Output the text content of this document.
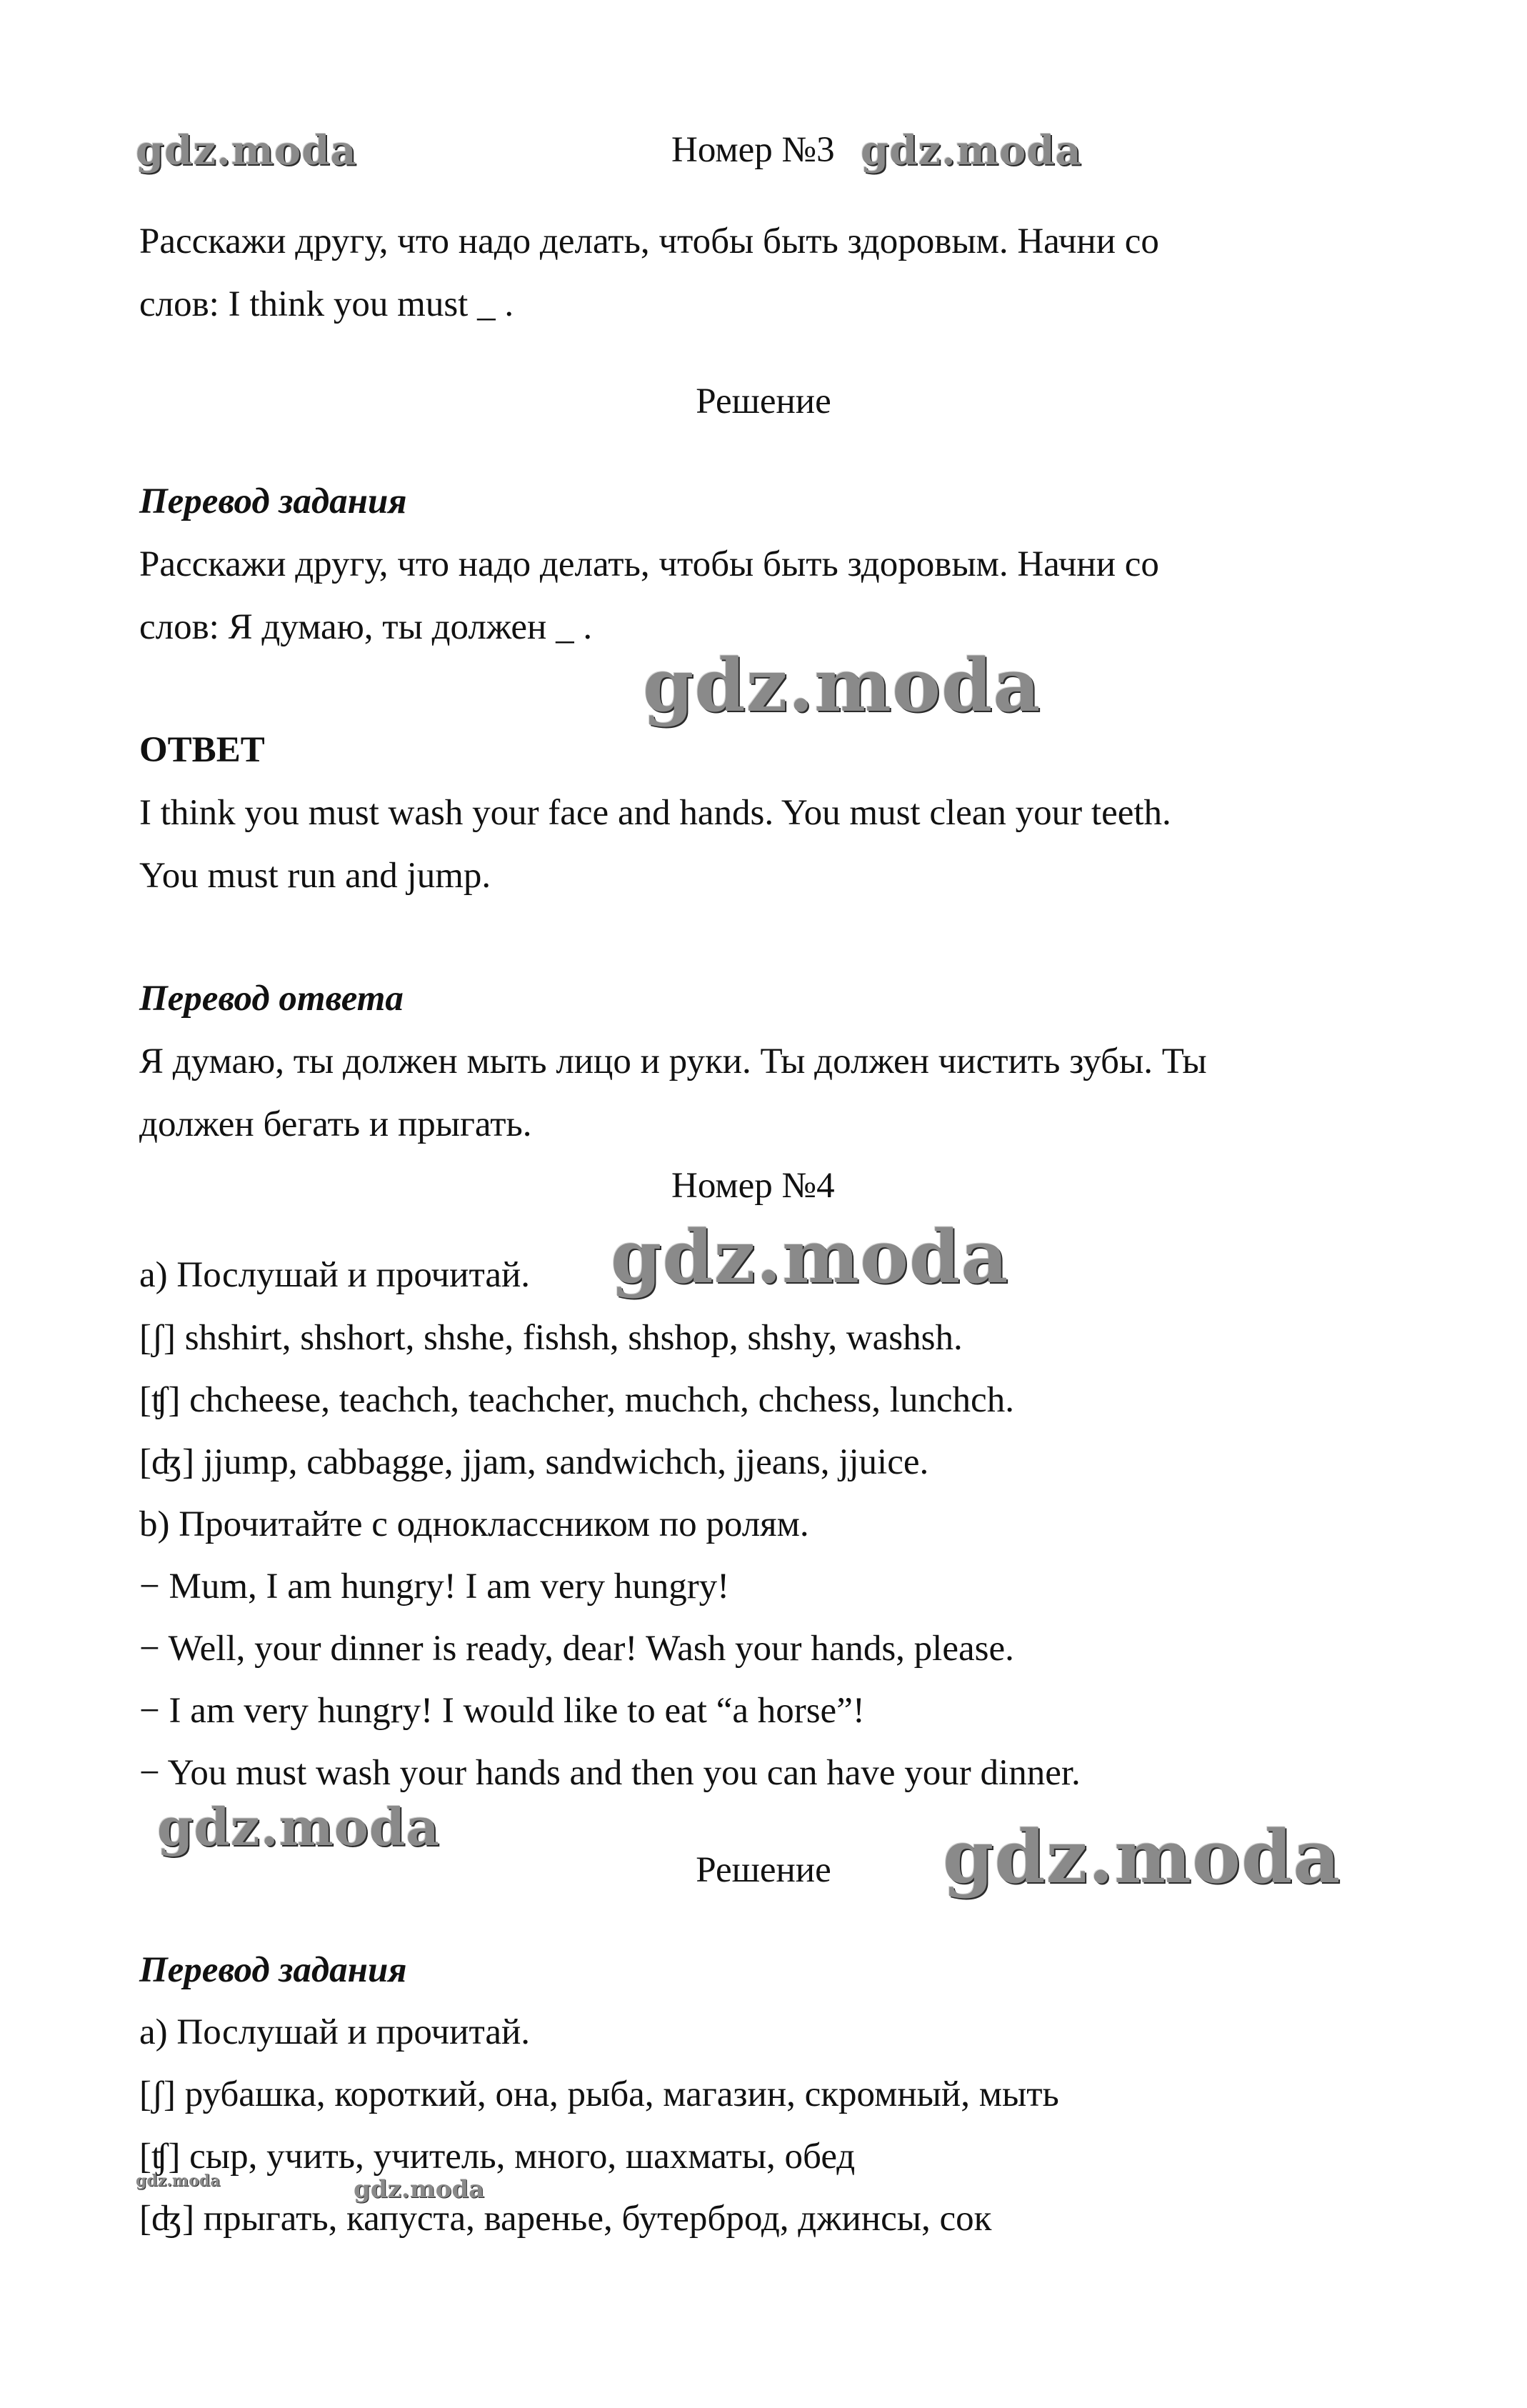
Номер №3
Расскажи другу, что надо делать, чтобы быть здоровым. Начни со
слов: I think you must _ .
Решение
Перевод задания
Расскажи другу, что надо делать, чтобы быть здоровым. Начни со
слов: Я думаю, ты должен _ .
ОТВЕТ
I think you must wash your face and hands. You must clean your teeth.
You must run and jump.
Перевод ответа
Я думаю, ты должен мыть лицо и руки. Ты должен чистить зубы. Ты
должен бегать и прыгать.
Номер №4
a) Послушай и прочитай.
[ʃ] shshirt, shshort, shshe, fishsh, shshop, shshy, washsh.
[ʧ] chcheese, teachch, teachcher, muchch, chchess, lunchch.
[ʤ] jjump, cabbagge, jjam, sandwichch, jjeans, jjuice.
b) Прочитайте с одноклассником по ролям.
− Mum, I am hungry! I am very hungry!
− Well, your dinner is ready, dear! Wash your hands, please.
− I am very hungry! I would like to eat “a horse”!
− You must wash your hands and then you can have your dinner.
Решение
Перевод задания
a) Послушай и прочитай.
[ʃ] рубашка, короткий, она, рыба, магазин, скромный, мыть
[ʧ] сыр, учить, учитель, много, шахматы, обед
[ʤ] прыгать, капуста, варенье, бутерброд, джинсы, сок
gdz.moda	gdz.moda
gdz.moda
gdz.moda
gdz.moda	gdz.moda
gdz.moda	gdz.moda
